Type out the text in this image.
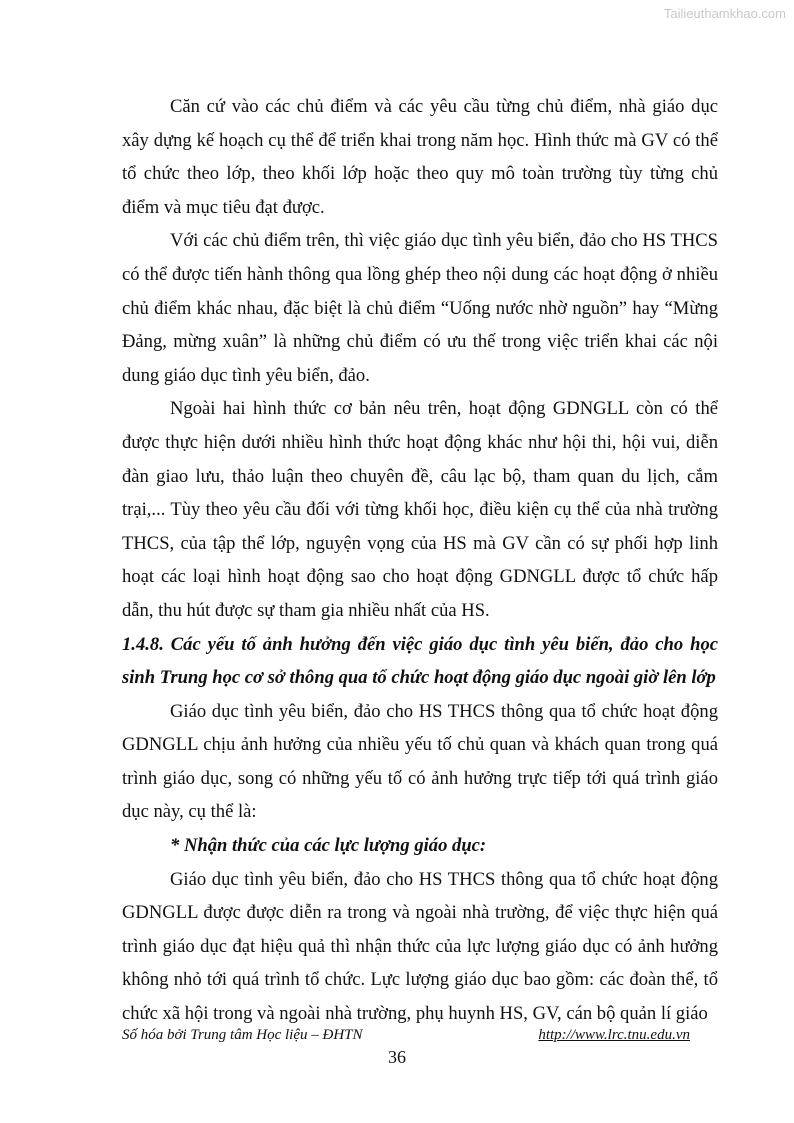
Tailieuthamkhao.com

Căn cứ vào các chủ điểm và các yêu cầu từng chủ điểm, nhà giáo dục xây dựng kế hoạch cụ thể để triển khai trong năm học. Hình thức mà GV có thể tổ chức theo lớp, theo khối lớp hoặc theo quy mô toàn trường tùy từng chủ điểm và mục tiêu đạt được.

Với các chủ điểm trên, thì việc giáo dục tình yêu biển, đảo cho HS THCS có thể được tiến hành thông qua lồng ghép theo nội dung các hoạt động ở nhiều chủ điểm khác nhau, đặc biệt là chủ điểm “Uống nước nhờ nguồn” hay “Mừng Đảng, mừng xuân” là những chủ điểm có ưu thế trong việc triển khai các nội dung giáo dục tình yêu biển, đảo.

Ngoài hai hình thức cơ bản nêu trên, hoạt động GDNGLL còn có thể được thực hiện dưới nhiều hình thức hoạt động khác như hội thi, hội vui, diễn đàn giao lưu, thảo luận theo chuyên đề, câu lạc bộ, tham quan du lịch, cắm trại,... Tùy theo yêu cầu đối với từng khối học, điều kiện cụ thể của nhà trường THCS, của tập thể lớp, nguyện vọng của HS mà GV cần có sự phối hợp linh hoạt các loại hình hoạt động sao cho hoạt động GDNGLL được tổ chức hấp dẫn, thu hút được sự tham gia nhiều nhất của HS.

1.4.8. Các yếu tố ảnh hưởng đến việc giáo dục tình yêu biển, đảo cho học sinh Trung học cơ sở thông qua tổ chức hoạt động giáo dục ngoài giờ lên lớp

Giáo dục tình yêu biển, đảo cho HS THCS thông qua tổ chức hoạt động GDNGLL chịu ảnh hưởng của nhiều yếu tố chủ quan và khách quan trong quá trình giáo dục, song có những yếu tố có ảnh hưởng trực tiếp tới quá trình giáo dục này, cụ thể là:

* Nhận thức của các lực lượng giáo dục:

Giáo dục tình yêu biển, đảo cho HS THCS thông qua tổ chức hoạt động GDNGLL được được diễn ra trong và ngoài nhà trường, để việc thực hiện quá trình giáo dục đạt hiệu quả thì nhận thức của lực lượng giáo dục có ảnh hưởng không nhỏ tới quá trình tổ chức. Lực lượng giáo dục bao gồm: các đoàn thể, tổ chức xã hội trong và ngoài nhà trường, phụ huynh HS, GV, cán bộ quản lí giáo

Số hóa bởi Trung tâm Học liệu – ĐHTN	http://www.lrc.tnu.edu.vn
36
